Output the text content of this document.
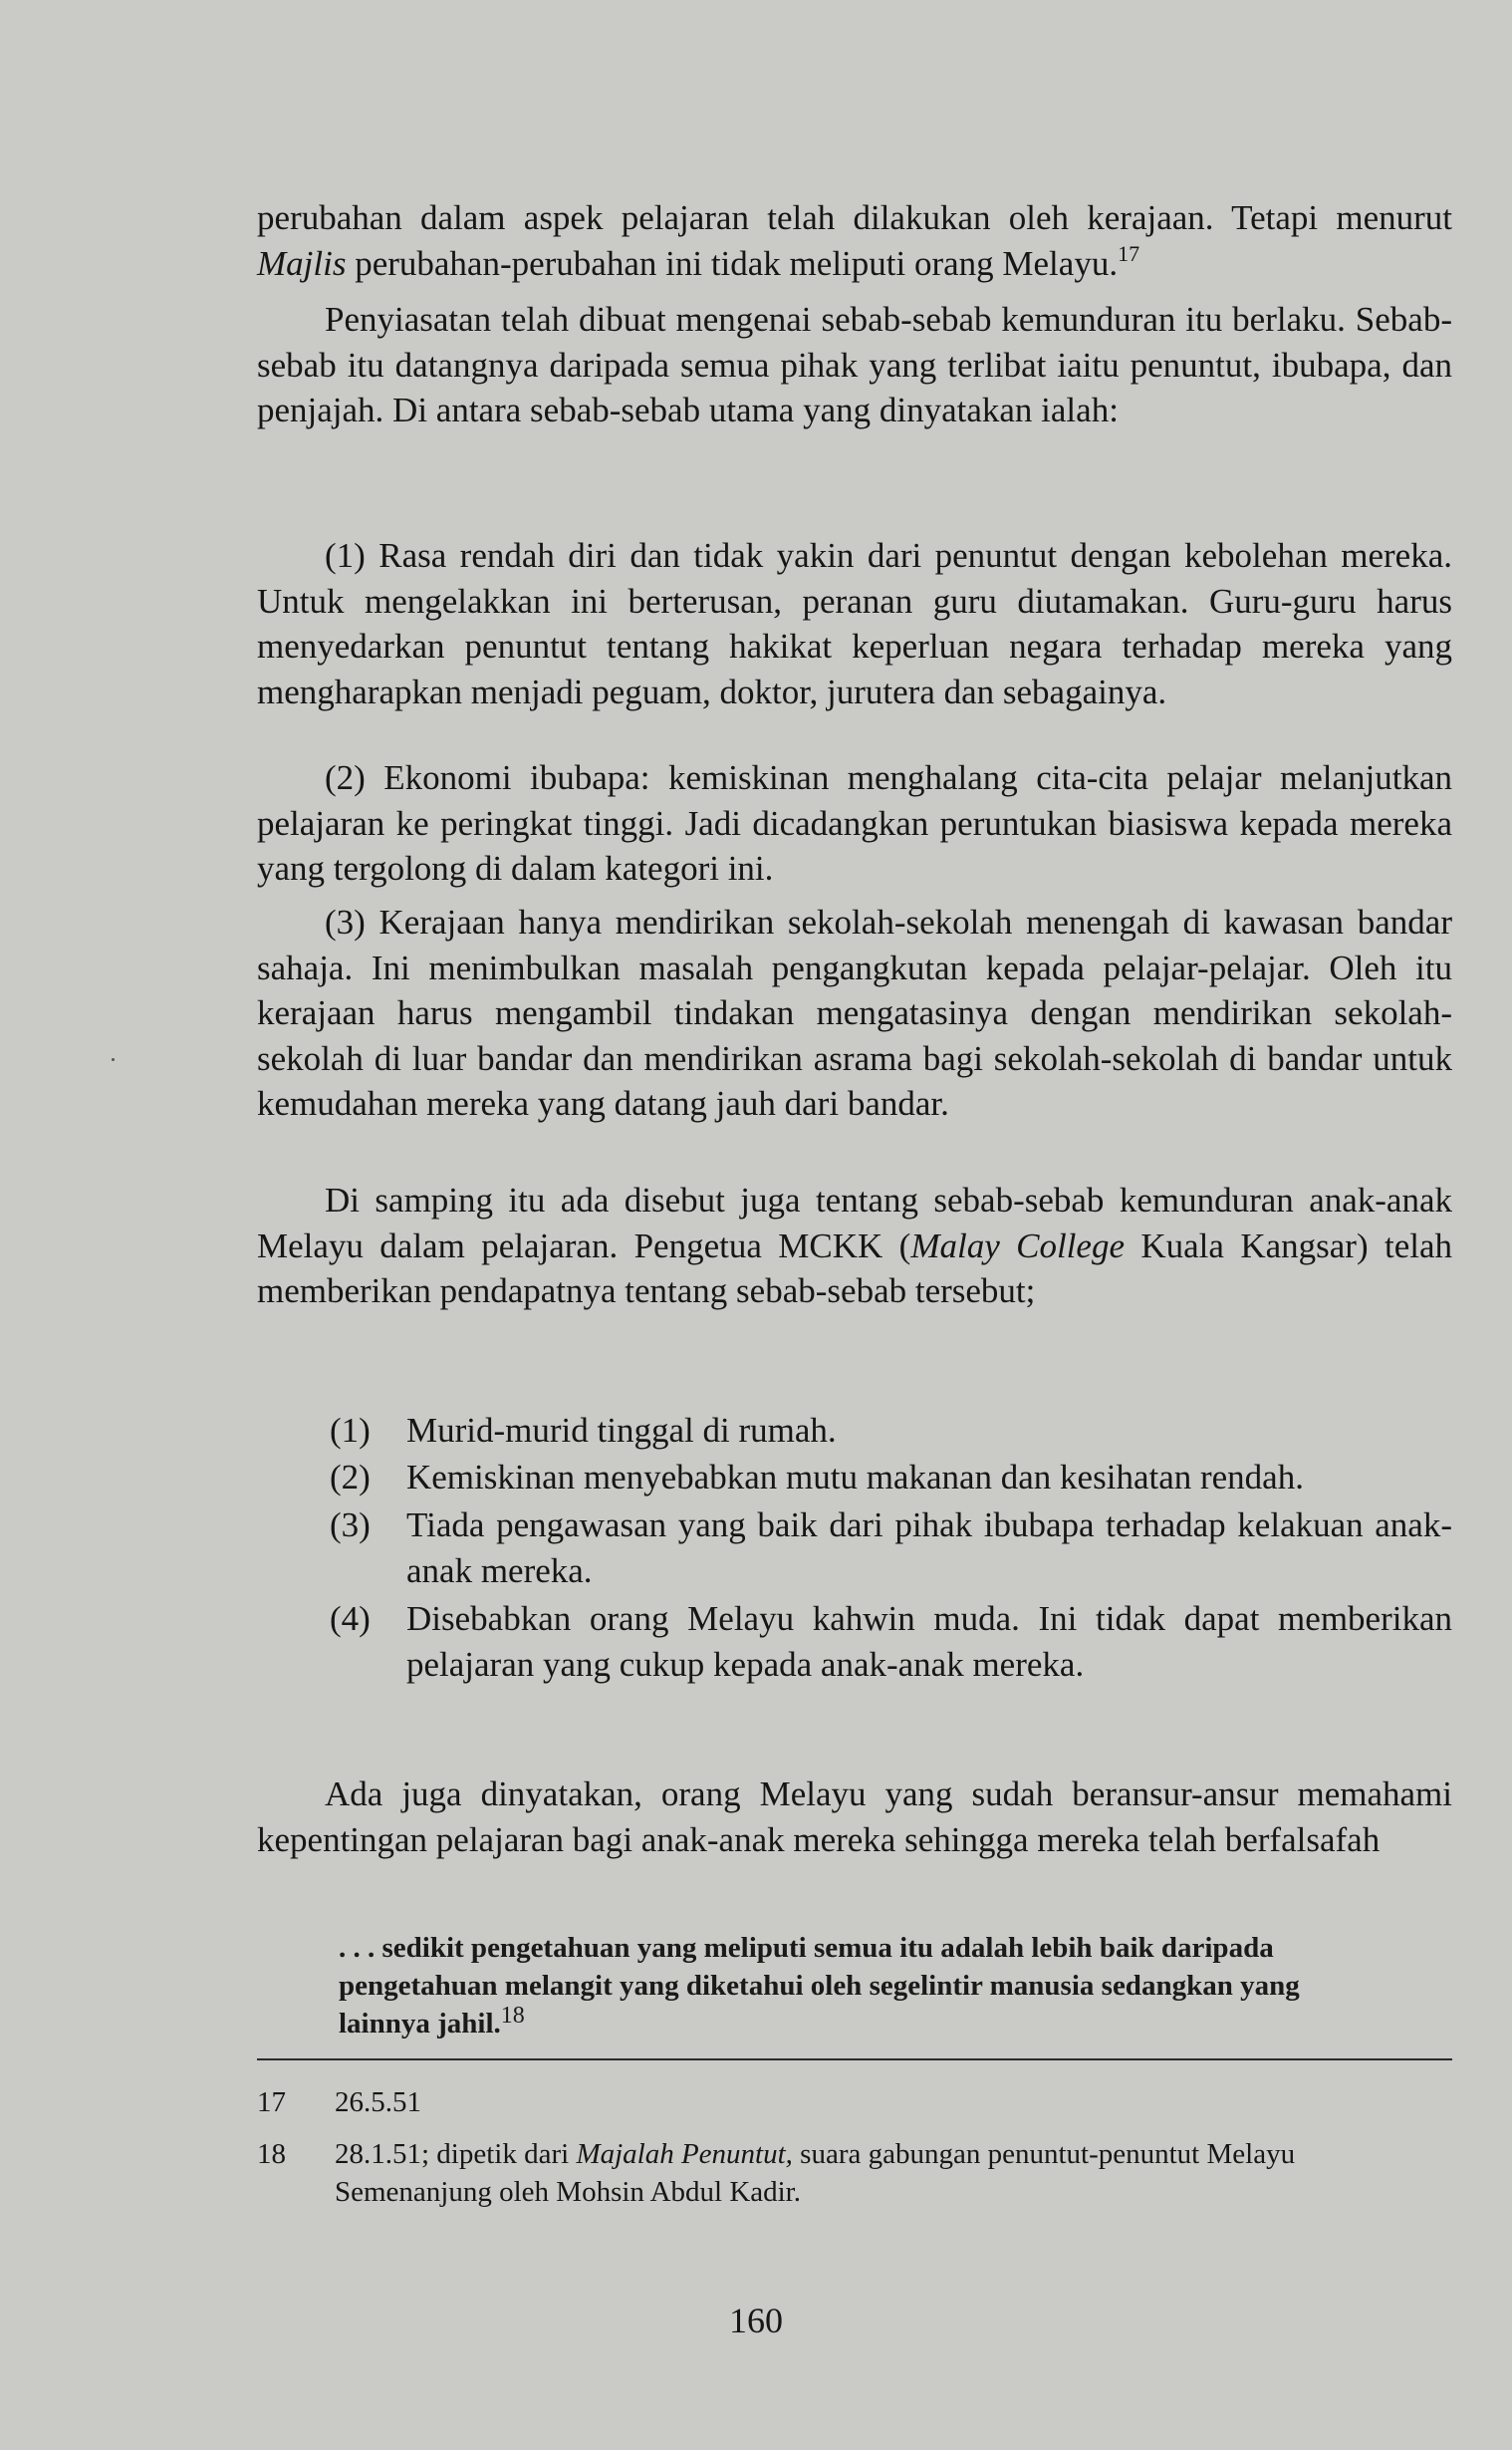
perubahan dalam aspek pelajaran telah dilakukan oleh kerajaan. Tetapi menurut Majlis perubahan-perubahan ini tidak meliputi orang Melayu.$^{17}$

Penyiasatan telah dibuat mengenai sebab-sebab kemunduran itu berlaku. Sebab-sebab itu datangnya daripada semua pihak yang terlibat iaitu penuntut, ibubapa, dan penjajah. Di antara sebab-sebab utama yang dinyatakan ialah:

(1) Rasa rendah diri dan tidak yakin dari penuntut dengan kebolehan mereka. Untuk mengelakkan ini berterusan, peranan guru diutamakan. Guru-guru harus menyedarkan penuntut tentang hakikat keperluan negara terhadap mereka yang mengharapkan menjadi peguam, doktor, jurutera dan sebagainya.

(2) Ekonomi ibubapa: kemiskinan menghalang cita-cita pelajar melanjutkan pelajaran ke peringkat tinggi. Jadi dicadangkan peruntukan biasiswa kepada mereka yang tergolong di dalam kategori ini.

(3) Kerajaan hanya mendirikan sekolah-sekolah menengah di kawasan bandar sahaja. Ini menimbulkan masalah pengangkutan kepada pelajar-pelajar. Oleh itu kerajaan harus mengambil tindakan mengatasinya dengan mendirikan sekolah-sekolah di luar bandar dan mendirikan asrama bagi sekolah-sekolah di bandar untuk kemudahan mereka yang datang jauh dari bandar.

Di samping itu ada disebut juga tentang sebab-sebab kemunduran anak-anak Melayu dalam pelajaran. Pengetua MCKK (Malay College Kuala Kangsar) telah memberikan pendapatnya tentang sebab-sebab tersebut;

(1)	Murid-murid tinggal di rumah.
(2)	Kemiskinan menyebabkan mutu makanan dan kesihatan rendah.
(3)	Tiada pengawasan yang baik dari pihak ibubapa terhadap kelakuan anak-anak mereka.
(4)	Disebabkan orang Melayu kahwin muda. Ini tidak dapat memberikan pelajaran yang cukup kepada anak-anak mereka.

Ada juga dinyatakan, orang Melayu yang sudah beransur-ansur memahami kepentingan pelajaran bagi anak-anak mereka sehingga mereka telah berfalsafah

. . . sedikit pengetahuan yang meliputi semua itu adalah lebih baik daripada pengetahuan melangit yang diketahui oleh segelintir manusia sedangkan yang lainnya jahil.$^{18}$

17	26.5.51
18	28.1.51; dipetik dari Majalah Penuntut, suara gabungan penuntut-penuntut Melayu Semenanjung oleh Mohsin Abdul Kadir.
160
